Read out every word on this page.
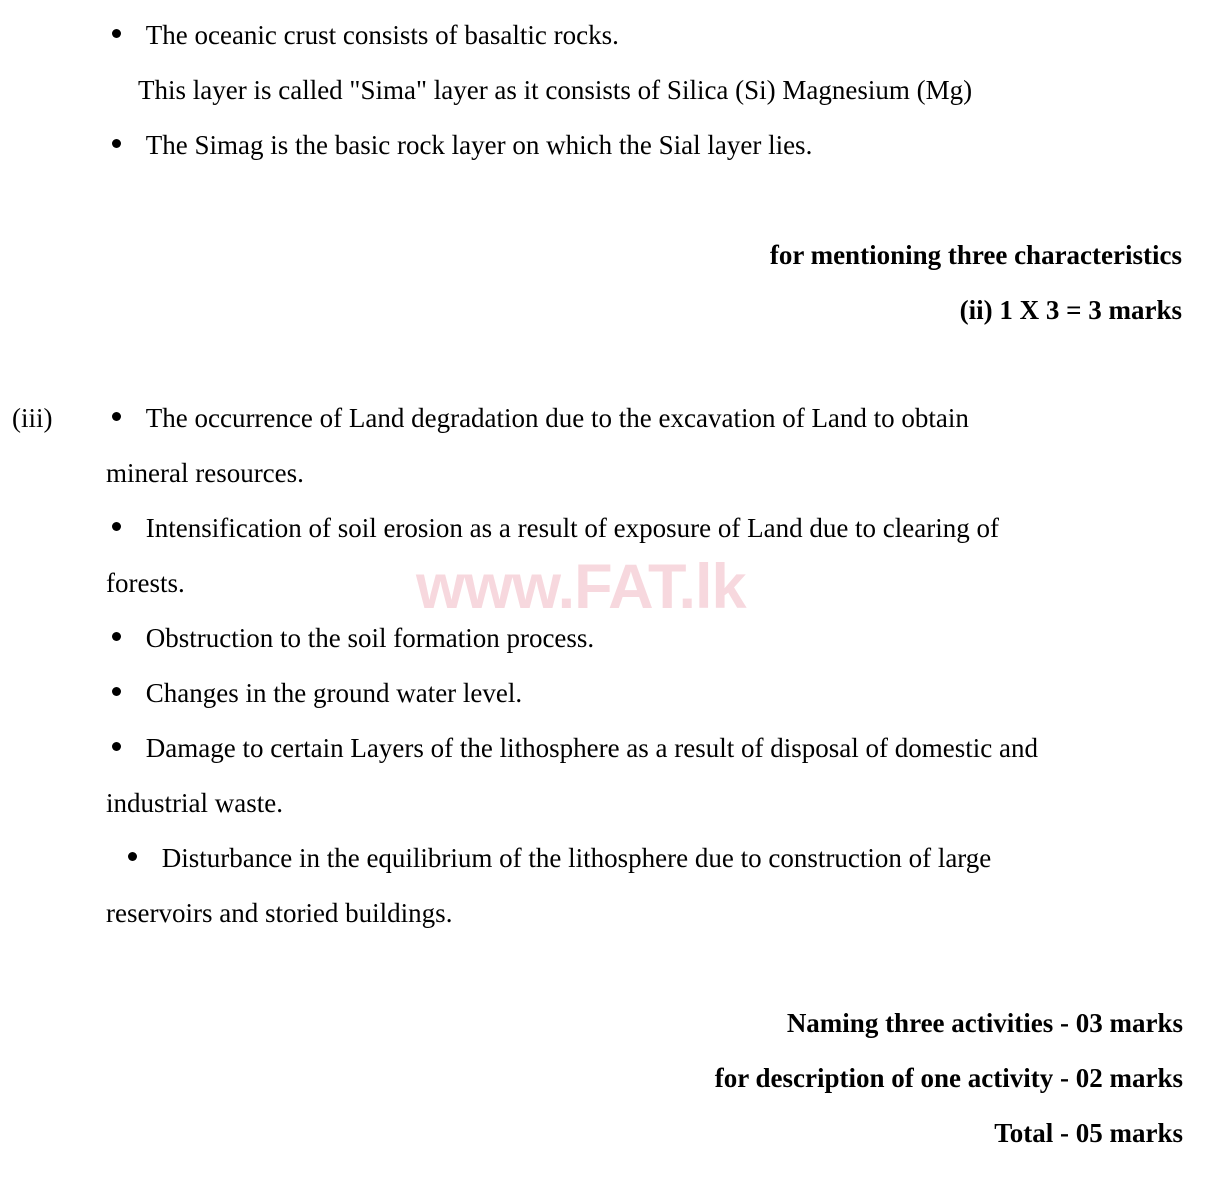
www.FAT.lk
The oceanic crust consists of basaltic rocks.
This layer is called "Sima" layer as it consists of Silica (Si) Magnesium (Mg)
The Simag is the basic rock layer on which the Sial layer lies.
for mentioning three characteristics
(ii) 1 X 3 = 3 marks
(iii)	The occurrence of Land degradation due to the excavation of Land to obtain
mineral resources.
Intensification of soil erosion as a result of exposure of Land due to clearing of
forests.
Obstruction to the soil formation process.
Changes in the ground water level.
Damage to certain Layers of the lithosphere as a result of disposal of domestic and
industrial waste.
Disturbance in the equilibrium of the lithosphere due to construction of large
reservoirs and storied buildings.
Naming three activities - 03 marks
for description of one activity - 02 marks
Total - 05 marks
